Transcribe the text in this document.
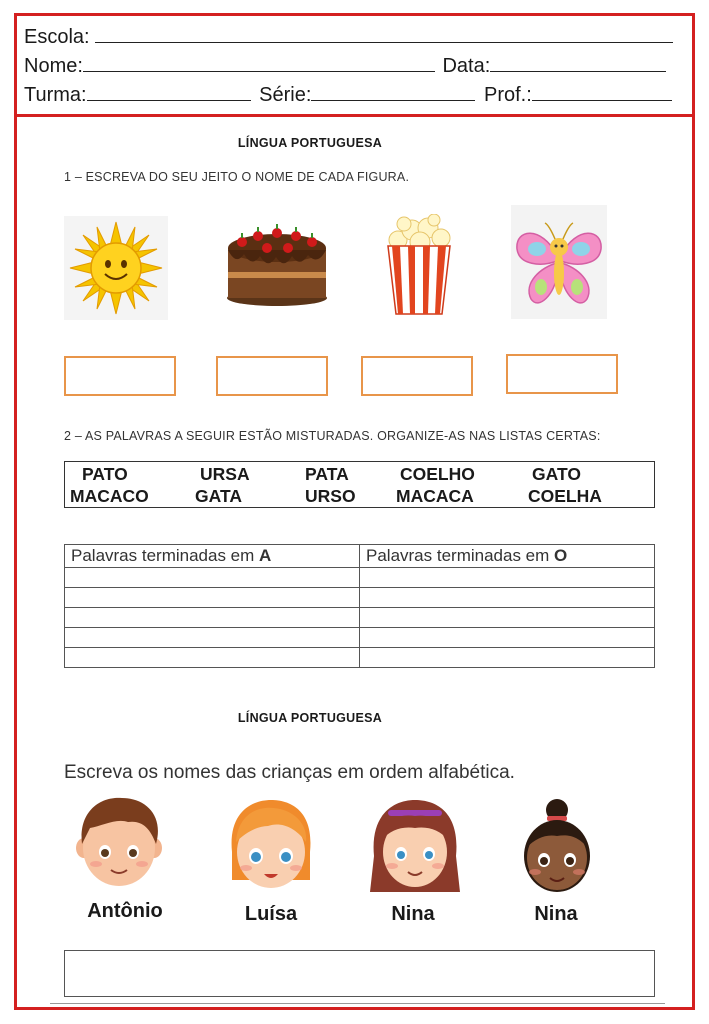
Escola:
Nome:	Data:
Turma:	Série:	Prof.:
LÍNGUA PORTUGUESA
1 – ESCREVA DO SEU JEITO O NOME DE CADA FIGURA.
2 – AS PALAVRAS A SEGUIR ESTÃO MISTURADAS. ORGANIZE-AS NAS LISTAS CERTAS:
PATO	URSA	PATA	COELHO	GATO
MACACO	GATA	URSO MACACA	COELHA
Palavras terminadas em A	Palavras terminadas em O

LÍNGUA PORTUGUESA
Escreva os nomes das crianças em ordem alfabética.
Antônio	Luísa	Nina	Nina
